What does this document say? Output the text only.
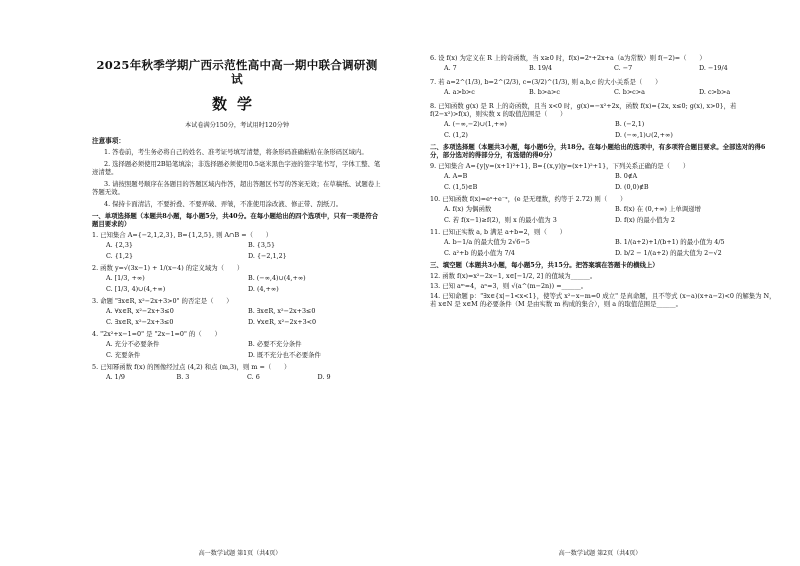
2025年秋季学期广西示范性高中高一期中联合调研测试
数学
本试卷满分150分，考试用时120分钟
注意事项：
1. 答卷前，考生务必将自己的姓名、准考证号填写清楚，将条形码准确粘贴在条形码区域内。
2. 选择题必须使用2B铅笔填涂；非选择题必须使用0.5毫米黑色字迹的签字笔书写，字体工整、笔迹清楚。
3. 请按照题号顺序在各题目的答题区域内作答，超出答题区书写的答案无效；在草稿纸、试题卷上答题无效。
4. 保持卡面清洁，不要折叠、不要弄破、弄皱，不准使用涂改液、修正带、刮纸刀。
一、单项选择题（本题共8小题，每小题5分，共40分。在每小题给出的四个选项中，只有一项是符合题目要求的）
1. 已知集合 A={−2,1,2,3}, B={1,2,5}, 则 A∩B =（　　）
A. {2,3}	B. {3,5}
C. {1,2}	D. {−2,1,2}
2. 函数 y=√(3x−1) + 1/(x−4) 的定义域为（　　）
A. [1/3, +∞)	B. (−∞,4)∪(4,+∞)
C. [1/3, 4)∪(4,+∞)	D. (4,+∞)
3. 命题 "∃x∈R, x²−2x+3>0" 的否定是（　　）
A. ∀x∈R, x²−2x+3≤0	B. ∃x∈R, x²−2x+3≤0
C. ∃x∈R, x²−2x+3≤0	D. ∀x∈R, x²−2x+3<0
4. "2x²+x−1=0" 是 "2x−1=0" 的（　　）
A. 充分不必要条件	B. 必要不充分条件
C. 充要条件	D. 既不充分也不必要条件
5. 已知幂函数 f(x) 的图像经过点 (4,2) 和点 (m,3)，则 m =（　　）
A. 1/9	B. 3	C. 6	D. 9
高一数学试题 第1页（共4页）
6. 设 f(x) 为定义在 R 上的奇函数，当 x≥0 时，f(x)=2ˣ+2x+a（a为常数）则 f(−2)=（　　）
A. 7	B. 19/4	C. −7	D. −19/4
7. 若 a=2^(1/3), b=2^(2/3), c=(3/2)^(1/3), 则 a,b,c 的大小关系是（　　）
A. a>b>c	B. b>a>c	C. b>c>a	D. c>b>a
8. 已知函数 g(x) 是 R 上的奇函数，且当 x<0 时，g(x)=−x²+2x，函数 f(x)={2x, x≤0; g(x), x>0}，若 f(2−x²)>f(x)，则实数 x 的取值范围是（　　）
A. (−∞,−2)∪(1,+∞)	B. (−2,1)
C. (1,2)	D. (−∞,1)∪(2,+∞)
二、多项选择题（本题共3小题，每小题6分，共18分。在每小题给出的选项中，有多项符合题目要求。全部选对的得6分，部分选对的得部分分，有选错的得0分）
9. 已知集合 A={y|y=(x+1)²+1}, B={(x,y)|y=(x+1)²+1}，下列关系正确的是（　　）
A. A=B	B. 0∉A
C. (1,5)∈B	D. (0,0)∉B
10. 已知函数 f(x)=eˣ+e⁻ˣ，(e 是无理数，约等于 2.72) 则（　　）
A. f(x) 为偶函数	B. f(x) 在 (0,+∞) 上单调递增
C. 若 f(x−1)≥f(2)，则 x 的最小值为 3	D. f(x) 的最小值为 2
11. 已知正实数 a, b 满足 a+b=2，则（　　）
A. b−1/a 的最大值为 2√6−5	B. 1/(a+2)+1/(b+1) 的最小值为 4/5
C. a²+b 的最小值为 7/4	D. b/2 − 1/(a+2) 的最大值为 2−√2
三、填空题（本题共3小题，每小题5分，共15分。把答案填在答题卡的横线上）
12. 函数 f(x)=x²−2x−1, x∈[−1/2, 2] 的值域为______。
13. 已知 aᵐ=4，aⁿ=3，则 √(a^(m−2n)) =______。
14. 已知命题 p："∃x∈{x|−1<x<1}，使等式 x²−x−m=0 成立" 是真命题，且不等式 (x−a)(x+a−2)<0 的解集为 N，若 x∈N 是 x∈M 的必要条件（M 是由实数 m 构成的集合），则 a 的取值范围是______。
高一数学试题 第2页（共4页）
